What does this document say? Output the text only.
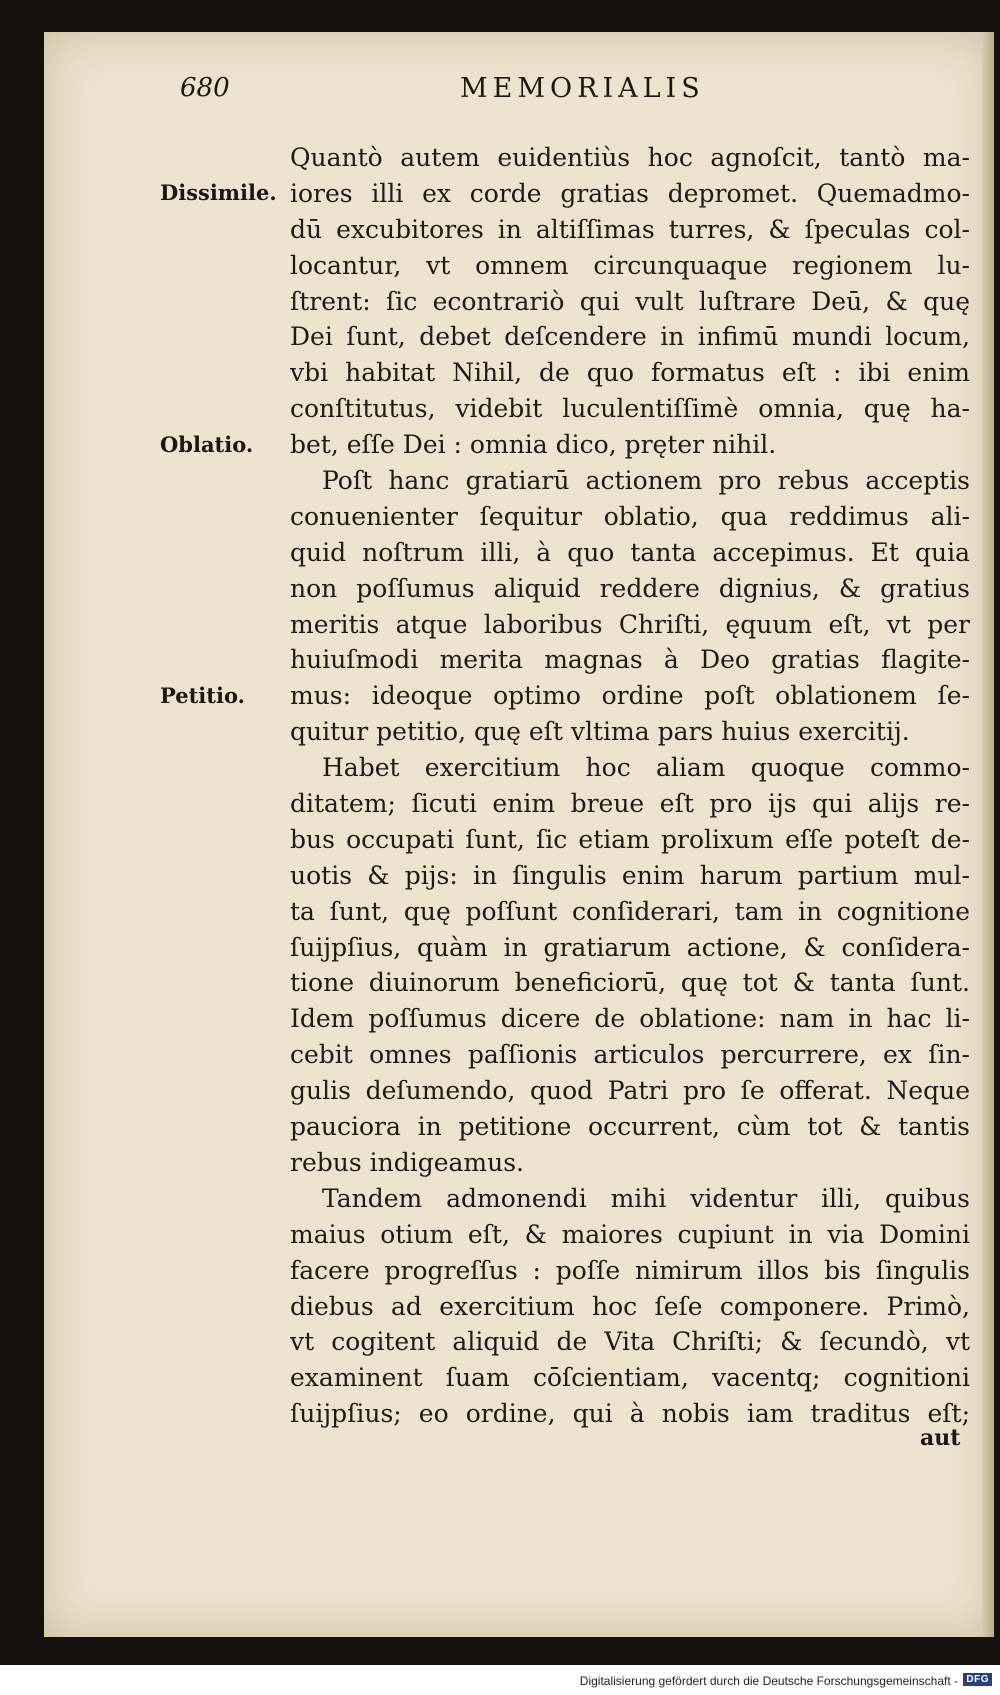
680	MEMORIALIS
Dissimile.
Oblatio.
Petitio.
Quantò autem euidentiùs hoc agnoſcit, tantò ma-
iores illi ex corde gratias depromet. Quemadmo-
dū excubitores in altiſſimas turres, & ſpeculas col-
locantur, vt omnem circunquaque regionem lu-
ſtrent: ſic econtrariò qui vult luſtrare Deū, & quę
Dei ſunt, debet deſcendere in infimū mundi locum,
vbi habitat Nihil, de quo formatus eſt : ibi enim
conſtitutus, videbit luculentiſſimè omnia, quę ha-
bet, eſſe Dei : omnia dico, pręter nihil.
Poſt hanc gratiarū actionem pro rebus acceptis
conuenienter ſequitur oblatio, qua reddimus ali-
quid noſtrum illi, à quo tanta accepimus. Et quia
non poſſumus aliquid reddere dignius, & gratius
meritis atque laboribus Chriſti, ęquum eſt, vt per
huiuſmodi merita magnas à Deo gratias flagite-
mus: ideoque optimo ordine poſt oblationem ſe-
quitur petitio, quę eſt vltima pars huius exercitij.
Habet exercitium hoc aliam quoque commo-
ditatem; ſicuti enim breue eſt pro ijs qui alijs re-
bus occupati ſunt, ſic etiam prolixum eſſe poteſt de-
uotis & pijs: in ſingulis enim harum partium mul-
ta ſunt, quę poſſunt conſiderari, tam in cognitione
ſuijpſius, quàm in gratiarum actione, & conſidera-
tione diuinorum beneficiorū, quę tot & tanta ſunt.
Idem poſſumus dicere de oblatione: nam in hac li-
cebit omnes paſſionis articulos percurrere, ex ſin-
gulis deſumendo, quod Patri pro ſe offerat. Neque
pauciora in petitione occurrent, cùm tot & tantis
rebus indigeamus.
Tandem admonendi mihi videntur illi, quibus
maius otium eſt, & maiores cupiunt in via Domini
facere progreſſus : poſſe nimirum illos bis ſingulis
diebus ad exercitium hoc ſeſe componere. Primò,
vt cogitent aliquid de Vita Chriſti; & ſecundò, vt
examinent ſuam cōſcientiam, vacentq; cognitioni
ſuijpſius; eo ordine, qui à nobis iam traditus eſt;
aut
Digitalisierung gefördert durch die Deutsche Forschungsgemeinschaft - DFG
